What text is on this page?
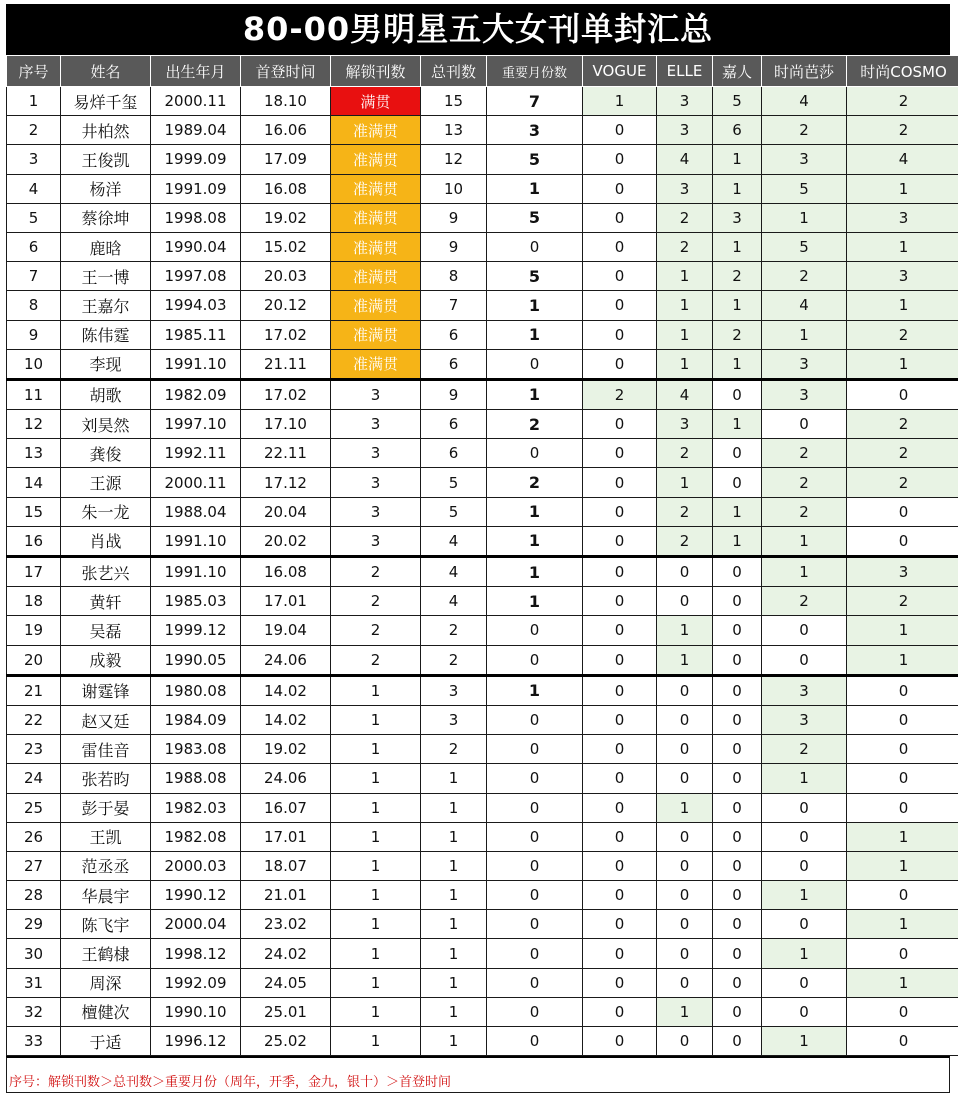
80-00男明星五大女刊单封汇总
序号	姓名	出生年月	首登时间	解锁刊数	总刊数	重要月份数	VOGUE	ELLE	嘉人	时尚芭莎	时尚COSMO
1	易烊千玺	2000.11	18.10	满贯	15	7	1	3	5	4	2
2	井柏然	1989.04	16.06	准满贯	13	3	0	3	6	2	2
3	王俊凯	1999.09	17.09	准满贯	12	5	0	4	1	3	4
4	杨洋	1991.09	16.08	准满贯	10	1	0	3	1	5	1
5	蔡徐坤	1998.08	19.02	准满贯	9	5	0	2	3	1	3
6	鹿晗	1990.04	15.02	准满贯	9	0	0	2	1	5	1
7	王一博	1997.08	20.03	准满贯	8	5	0	1	2	2	3
8	王嘉尔	1994.03	20.12	准满贯	7	1	0	1	1	4	1
9	陈伟霆	1985.11	17.02	准满贯	6	1	0	1	2	1	2
10	李现	1991.10	21.11	准满贯	6	0	0	1	1	3	1
11	胡歌	1982.09	17.02	3	9	1	2	4	0	3	0
12	刘昊然	1997.10	17.10	3	6	2	0	3	1	0	2
13	龚俊	1992.11	22.11	3	6	0	0	2	0	2	2
14	王源	2000.11	17.12	3	5	2	0	1	0	2	2
15	朱一龙	1988.04	20.04	3	5	1	0	2	1	2	0
16	肖战	1991.10	20.02	3	4	1	0	2	1	1	0
17	张艺兴	1991.10	16.08	2	4	1	0	0	0	1	3
18	黄轩	1985.03	17.01	2	4	1	0	0	0	2	2
19	吴磊	1999.12	19.04	2	2	0	0	1	0	0	1
20	成毅	1990.05	24.06	2	2	0	0	1	0	0	1
21	谢霆锋	1980.08	14.02	1	3	1	0	0	0	3	0
22	赵又廷	1984.09	14.02	1	3	0	0	0	0	3	0
23	雷佳音	1983.08	19.02	1	2	0	0	0	0	2	0
24	张若昀	1988.08	24.06	1	1	0	0	0	0	1	0
25	彭于晏	1982.03	16.07	1	1	0	0	1	0	0	0
26	王凯	1982.08	17.01	1	1	0	0	0	0	0	1
27	范丞丞	2000.03	18.07	1	1	0	0	0	0	0	1
28	华晨宇	1990.12	21.01	1	1	0	0	0	0	1	0
29	陈飞宇	2000.04	23.02	1	1	0	0	0	0	0	1
30	王鹤棣	1998.12	24.02	1	1	0	0	0	0	1	0
31	周深	1992.09	24.05	1	1	0	0	0	0	0	1
32	檀健次	1990.10	25.01	1	1	0	0	1	0	0	0
33	于适	1996.12	25.02	1	1	0	0	0	0	1	0
序号：解锁刊数＞总刊数＞重要月份（周年，开季，金九，银十）＞首登时间
